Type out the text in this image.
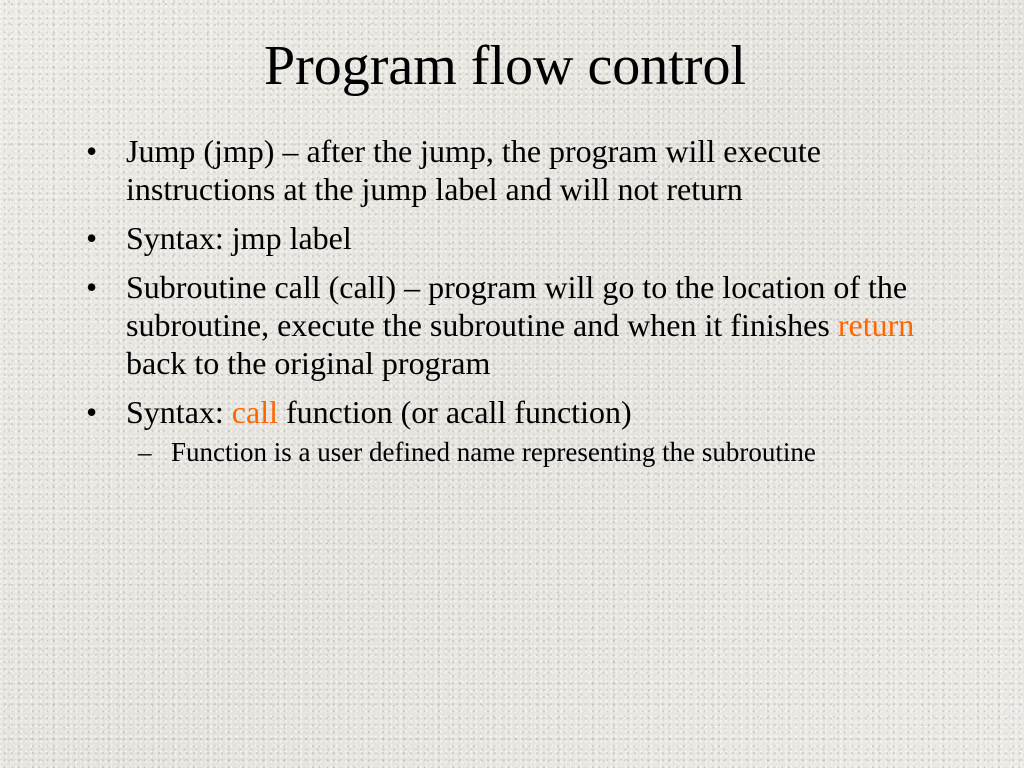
Program flow control
• Jump (jmp) – after the jump, the program will execute instructions at the jump label and will not return
• Syntax: jmp label
• Subroutine call (call) – program will go to the location of the subroutine, execute the subroutine and when it finishes return back to the original program
• Syntax: call function (or acall function)
– Function is a user defined name representing the subroutine
